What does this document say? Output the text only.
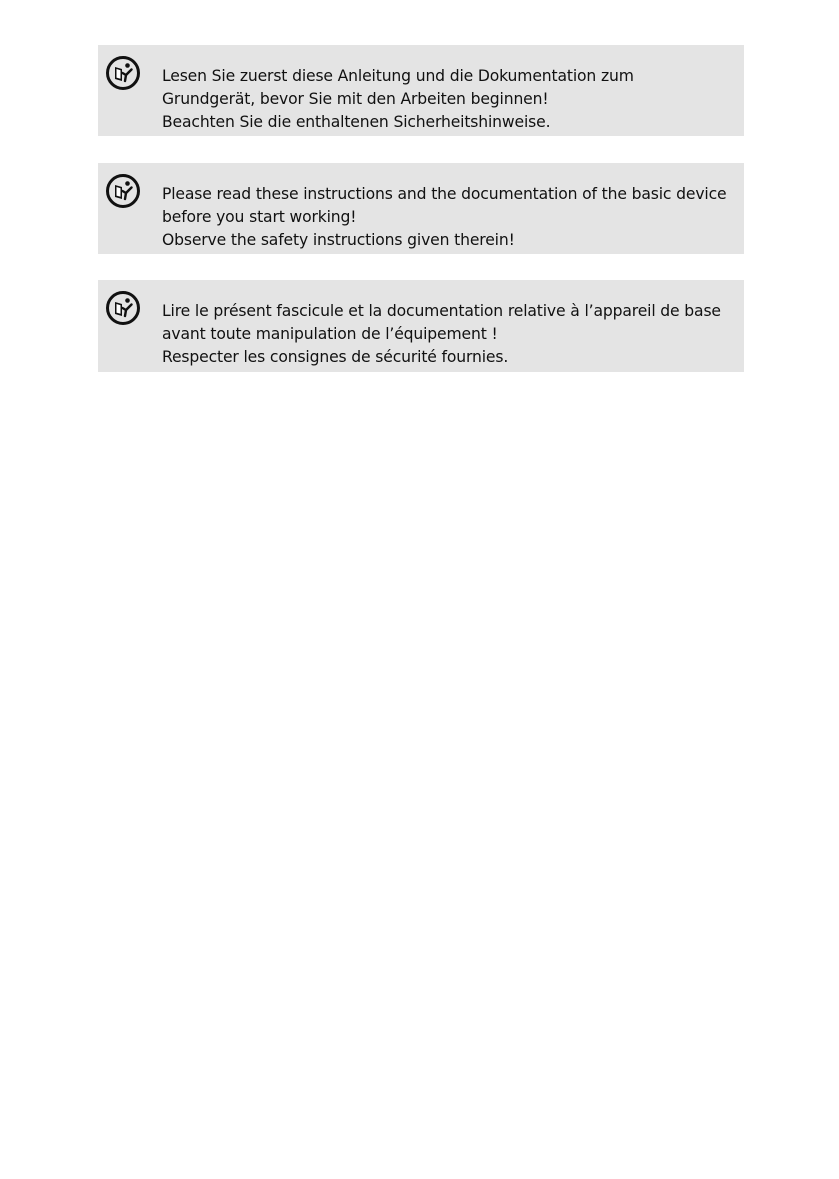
Lesen Sie zuerst diese Anleitung und die Dokumentation zum
Grundgerät, bevor Sie mit den Arbeiten beginnen!
Beachten Sie die enthaltenen Sicherheitshinweise.
Please read these instructions and the documentation of the basic device
before you start working!
Observe the safety instructions given therein!
Lire le présent fascicule et la documentation relative à l’appareil de base
avant toute manipulation de l’équipement !
Respecter les consignes de sécurité fournies.
